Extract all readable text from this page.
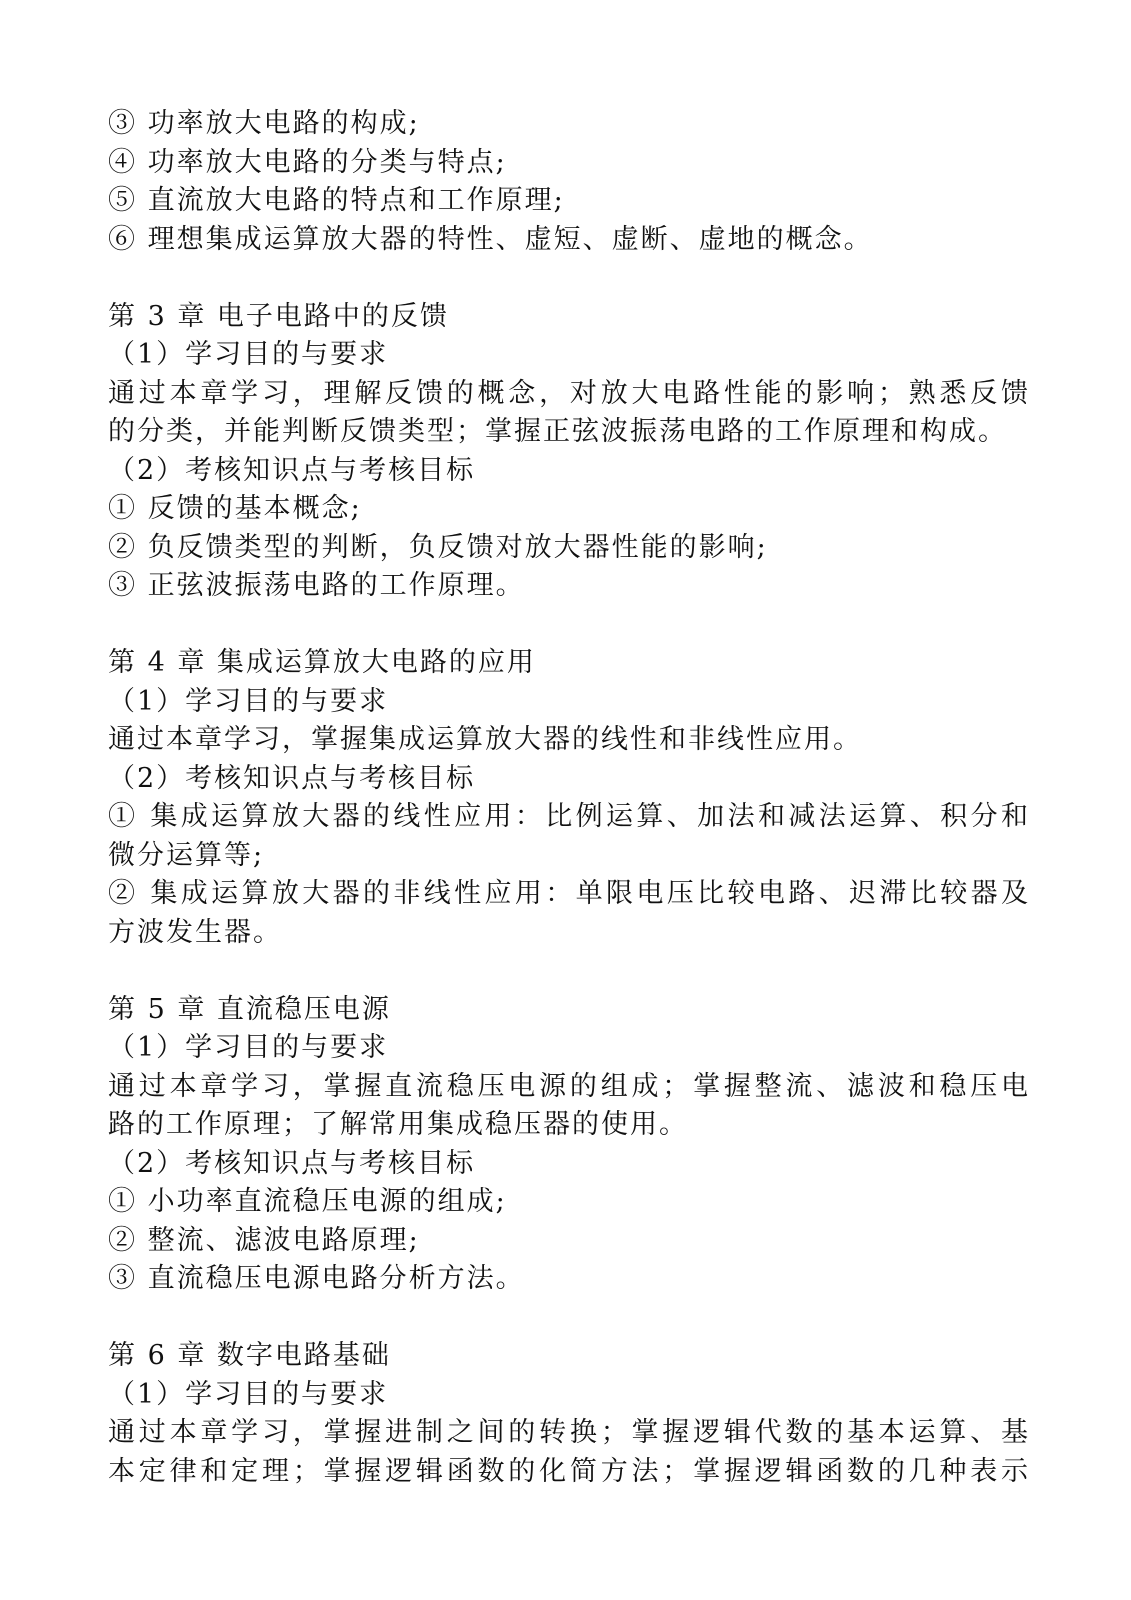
③ 功率放大电路的构成;
④ 功率放大电路的分类与特点;
⑤ 直流放大电路的特点和工作原理;
⑥ 理想集成运算放大器的特性、虚短、虚断、虚地的概念。
第 3 章 电子电路中的反馈
（1）学习目的与要求
通过本章学习，理解反馈的概念，对放大电路性能的影响；熟悉反馈
的分类，并能判断反馈类型；掌握正弦波振荡电路的工作原理和构成。
（2）考核知识点与考核目标
① 反馈的基本概念;
② 负反馈类型的判断，负反馈对放大器性能的影响;
③ 正弦波振荡电路的工作原理。
第 4 章 集成运算放大电路的应用
（1）学习目的与要求
通过本章学习，掌握集成运算放大器的线性和非线性应用。
（2）考核知识点与考核目标
① 集成运算放大器的线性应用：比例运算、加法和减法运算、积分和
微分运算等;
② 集成运算放大器的非线性应用：单限电压比较电路、迟滞比较器及
方波发生器。
第 5 章 直流稳压电源
（1）学习目的与要求
通过本章学习，掌握直流稳压电源的组成；掌握整流、滤波和稳压电
路的工作原理；了解常用集成稳压器的使用。
（2）考核知识点与考核目标
① 小功率直流稳压电源的组成;
② 整流、滤波电路原理;
③ 直流稳压电源电路分析方法。
第 6 章 数字电路基础
（1）学习目的与要求
通过本章学习，掌握进制之间的转换；掌握逻辑代数的基本运算、基
本定律和定理；掌握逻辑函数的化简方法；掌握逻辑函数的几种表示
